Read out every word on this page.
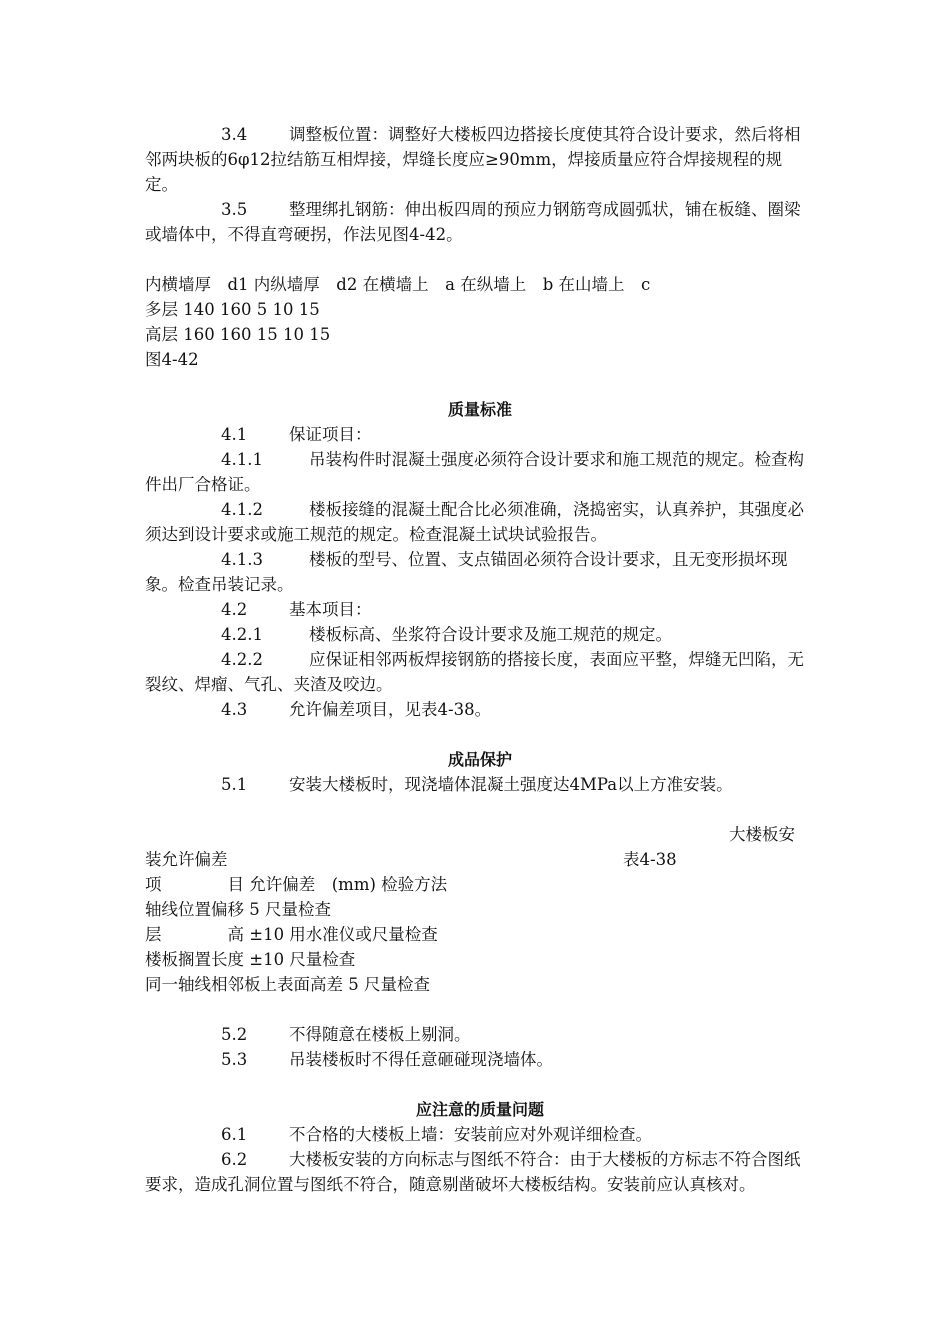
3.4	调整板位置：调整好大楼板四边搭接长度使其符合设计要求，然后将相邻两块板的6φ12拉结筋互相焊接，焊缝长度应≥90mm，焊接质量应符合焊接规程的规定。

3.5	整理绑扎钢筋：伸出板四周的预应力钢筋弯成圆弧状，铺在板缝、圈梁或墙体中，不得直弯硬拐，作法见图4-42。

内横墙厚　d1 内纵墙厚　d2 在横墙上　a 在纵墙上　b 在山墙上　c

多层 140 160 5 10 15

高层 160 160 15 10 15

图4-42

质量标准

4.1	保证项目：

4.1.1	吊装构件时混凝土强度必须符合设计要求和施工规范的规定。检查构件出厂合格证。

4.1.2	楼板接缝的混凝土配合比必须准确，浇捣密实，认真养护，其强度必须达到设计要求或施工规范的规定。检查混凝土试块试验报告。

4.1.3	楼板的型号、位置、支点锚固必须符合设计要求，且无变形损坏现象。检查吊装记录。

4.2	基本项目：

4.2.1	楼板标高、坐浆符合设计要求及施工规范的规定。

4.2.2	应保证相邻两板焊接钢筋的搭接长度，表面应平整，焊缝无凹陷，无裂纹、焊瘤、气孔、夹渣及咬边。

4.3	允许偏差项目，见表4-38。

成品保护

5.1	安装大楼板时，现浇墙体混凝土强度达4MPa以上方准安装。

大楼板安

装允许偏差	表4-38

项　　　　目 允许偏差　(mm) 检验方法

轴线位置偏移 5 尺量检查

层　　　　高 ±10 用水准仪或尺量检查

楼板搁置长度 ±10 尺量检查

同一轴线相邻板上表面高差 5 尺量检查

5.2	不得随意在楼板上剔洞。

5.3	吊装楼板时不得任意砸碰现浇墙体。

应注意的质量问题

6.1	不合格的大楼板上墙：安装前应对外观详细检查。

6.2	大楼板安装的方向标志与图纸不符合：由于大楼板的方标志不符合图纸要求，造成孔洞位置与图纸不符合，随意剔凿破坏大楼板结构。安装前应认真核对。
